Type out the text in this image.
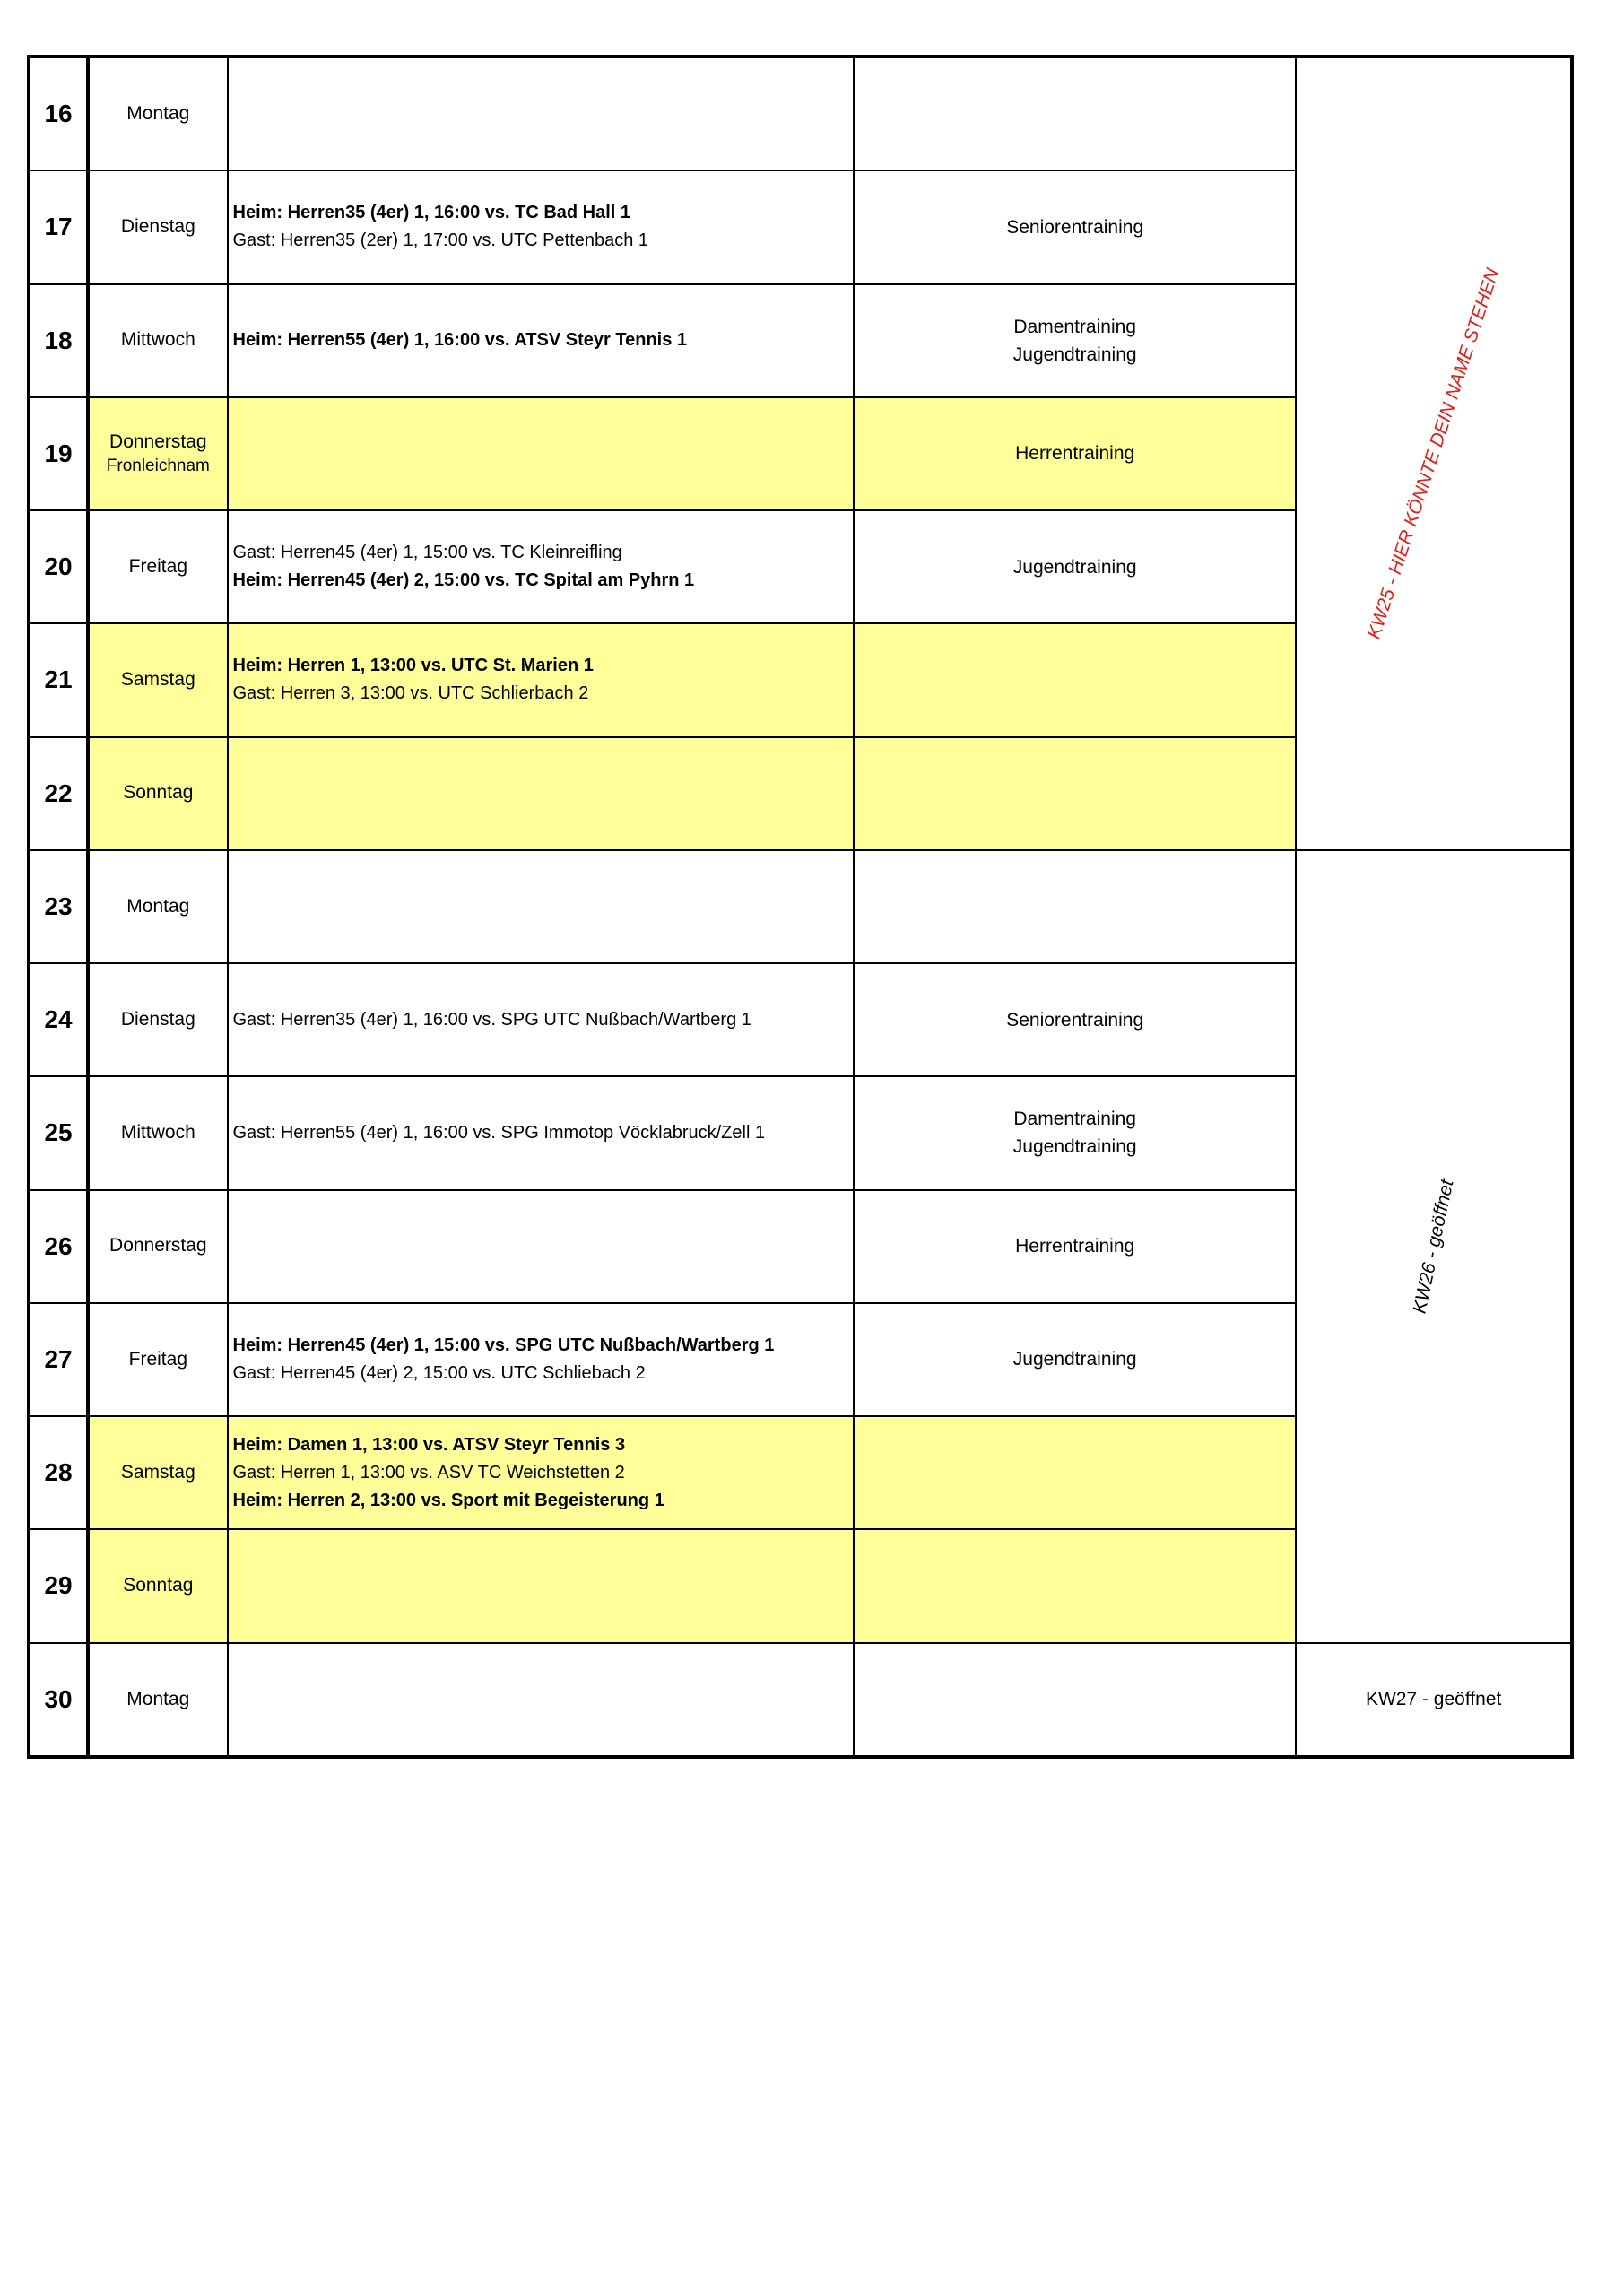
16	Montag			KW25 - HIER KÖNNTE DEIN NAME STEHEN

17	Dienstag	Heim: Herren35 (4er) 1, 16:00 vs. TC Bad Hall 1
Gast: Herren35 (2er) 1, 17:00 vs. UTC Pettenbach 1	Seniorentraining	

18	Mittwoch	Heim: Herren55 (4er) 1, 16:00 vs. ATSV Steyr Tennis 1	Damentraining
Jugendtraining	

19	Donnerstag
Fronleichnam		Herrentraining	

20	Freitag	Gast: Herren45 (4er) 1, 15:00 vs. TC Kleinreifling
Heim: Herren45 (4er) 2, 15:00 vs. TC Spital am Pyhrn 1	Jugendtraining	

21	Samstag	Heim: Herren 1, 13:00 vs. UTC St. Marien 1
Gast: Herren 3, 13:00 vs. UTC Schlierbach 2		

22	Sonntag			
23	Montag			KW26 - geöffnet

24	Dienstag	Gast: Herren35 (4er) 1, 16:00 vs. SPG UTC Nußbach/Wartberg 1	Seniorentraining	

25	Mittwoch	Gast: Herren55 (4er) 1, 16:00 vs. SPG Immotop Vöcklabruck/Zell 1	Damentraining
Jugendtraining	

26	Donnerstag		Herrentraining	

27	Freitag	Heim: Herren45 (4er) 1, 15:00 vs. SPG UTC Nußbach/Wartberg 1
Gast: Herren45 (4er) 2, 15:00 vs. UTC Schliebach 2	Jugendtraining	

28	Samstag	Heim: Damen 1, 13:00 vs. ATSV Steyr Tennis 3
Gast: Herren 1, 13:00 vs. ASV TC Weichstetten 2
Heim: Herren 2, 13:00 vs. Sport mit Begeisterung 1		

29	Sonntag			
30	Montag			KW27 - geöffnet
